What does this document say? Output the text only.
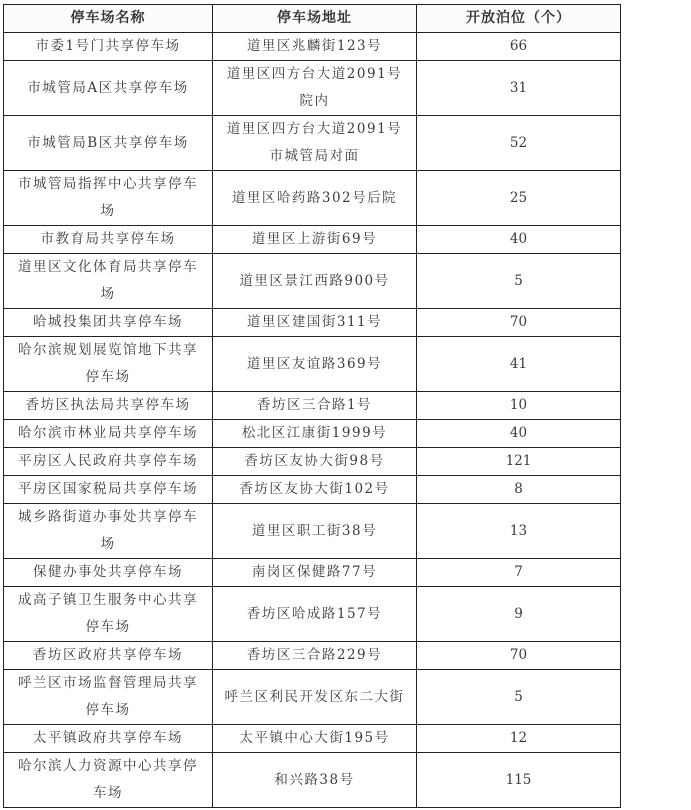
停车场名称	停车场地址	开放泊位（个）
市委1号门共享停车场	道里区兆麟街123号	66
市城管局A区共享停车场	道里区四方台大道2091号院内	31
市城管局B区共享停车场	道里区四方台大道2091号市城管局对面	52
市城管局指挥中心共享停车场	道里区哈药路302号后院	25
市教育局共享停车场	道里区上游街69号	40
道里区文化体育局共享停车场	道里区景江西路900号	5
哈城投集团共享停车场	道里区建国街311号	70
哈尔滨规划展览馆地下共享停车场	道里区友谊路369号	41
香坊区执法局共享停车场	香坊区三合路1号	10
哈尔滨市林业局共享停车场	松北区江康街1999号	40
平房区人民政府共享停车场	香坊区友协大街98号	121
平房区国家税局共享停车场	香坊区友协大街102号	8
城乡路街道办事处共享停车场	道里区职工街38号	13
保健办事处共享停车场	南岗区保健路77号	7
成高子镇卫生服务中心共享停车场	香坊区哈成路157号	9
香坊区政府共享停车场	香坊区三合路229号	70
呼兰区市场监督管理局共享停车场	呼兰区利民开发区东二大街	5
太平镇政府共享停车场	太平镇中心大街195号	12
哈尔滨人力资源中心共享停车场	和兴路38号	115
